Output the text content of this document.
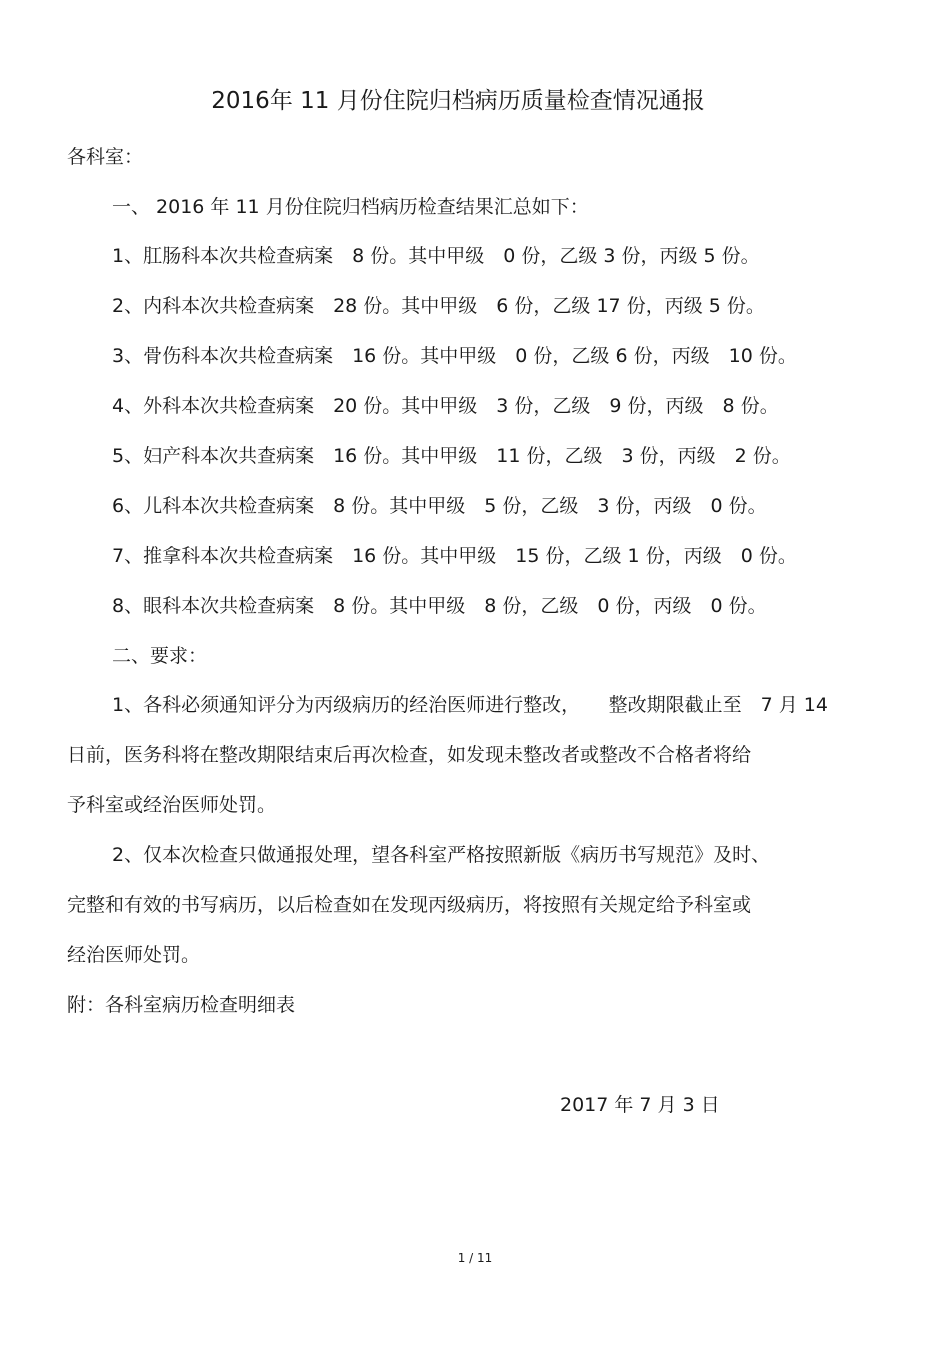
2016年 11 月份住院归档病历质量检查情况通报
各科室：
一、 2016 年 11 月份住院归档病历检查结果汇总如下：
1、肛肠科本次共检查病案　8 份。其中甲级　0 份，乙级 3 份，丙级 5 份。
2、内科本次共检查病案　28 份。其中甲级　6 份，乙级 17 份，丙级 5 份。
3、骨伤科本次共检查病案　16 份。其中甲级　0 份，乙级 6 份，丙级　10 份。
4、外科本次共检查病案　20 份。其中甲级　3 份，乙级　9 份，丙级　8 份。
5、妇产科本次共查病案　16 份。其中甲级　11 份，乙级　3 份，丙级　2 份。
6、儿科本次共检查病案　8 份。其中甲级　5 份，乙级　3 份，丙级　0 份。
7、推拿科本次共检查病案　16 份。其中甲级　15 份，乙级 1 份，丙级　0 份。
8、眼科本次共检查病案　8 份。其中甲级　8 份，乙级　0 份，丙级　0 份。
二、要求：
1、各科必须通知评分为丙级病历的经治医师进行整改，　　整改期限截止至　7 月 14
日前，医务科将在整改期限结束后再次检查，如发现未整改者或整改不合格者将给
予科室或经治医师处罚。
2、仅本次检查只做通报处理，望各科室严格按照新版《病历书写规范》及时、
完整和有效的书写病历，以后检查如在发现丙级病历，将按照有关规定给予科室或
经治医师处罚。
附：各科室病历检查明细表
2017 年 7 月 3 日
1 / 11
